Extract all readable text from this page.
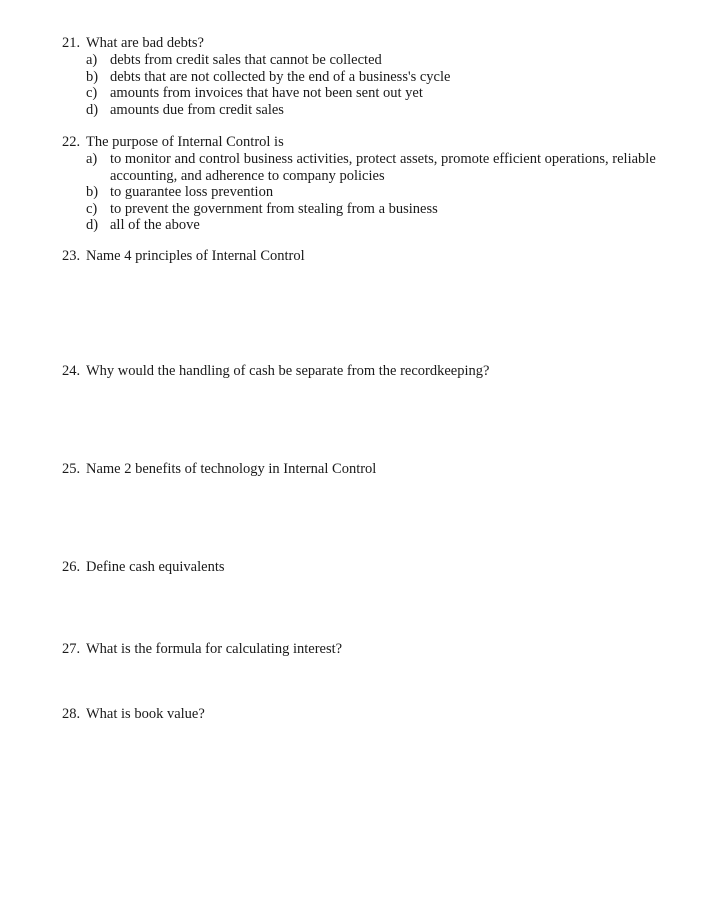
21. What are bad debts?
a) debts from credit sales that cannot be collected
b) debts that are not collected by the end of a business's cycle
c) amounts from invoices that have not been sent out yet
d) amounts due from credit sales
22. The purpose of Internal Control is
a) to monitor and control business activities, protect assets, promote efficient operations, reliable accounting, and adherence to company policies
b) to guarantee loss prevention
c) to prevent the government from stealing from a business
d) all of the above
23. Name 4 principles of Internal Control
24. Why would the handling of cash be separate from the recordkeeping?
25. Name 2 benefits of technology in Internal Control
26. Define cash equivalents
27. What is the formula for calculating interest?
28. What is book value?
